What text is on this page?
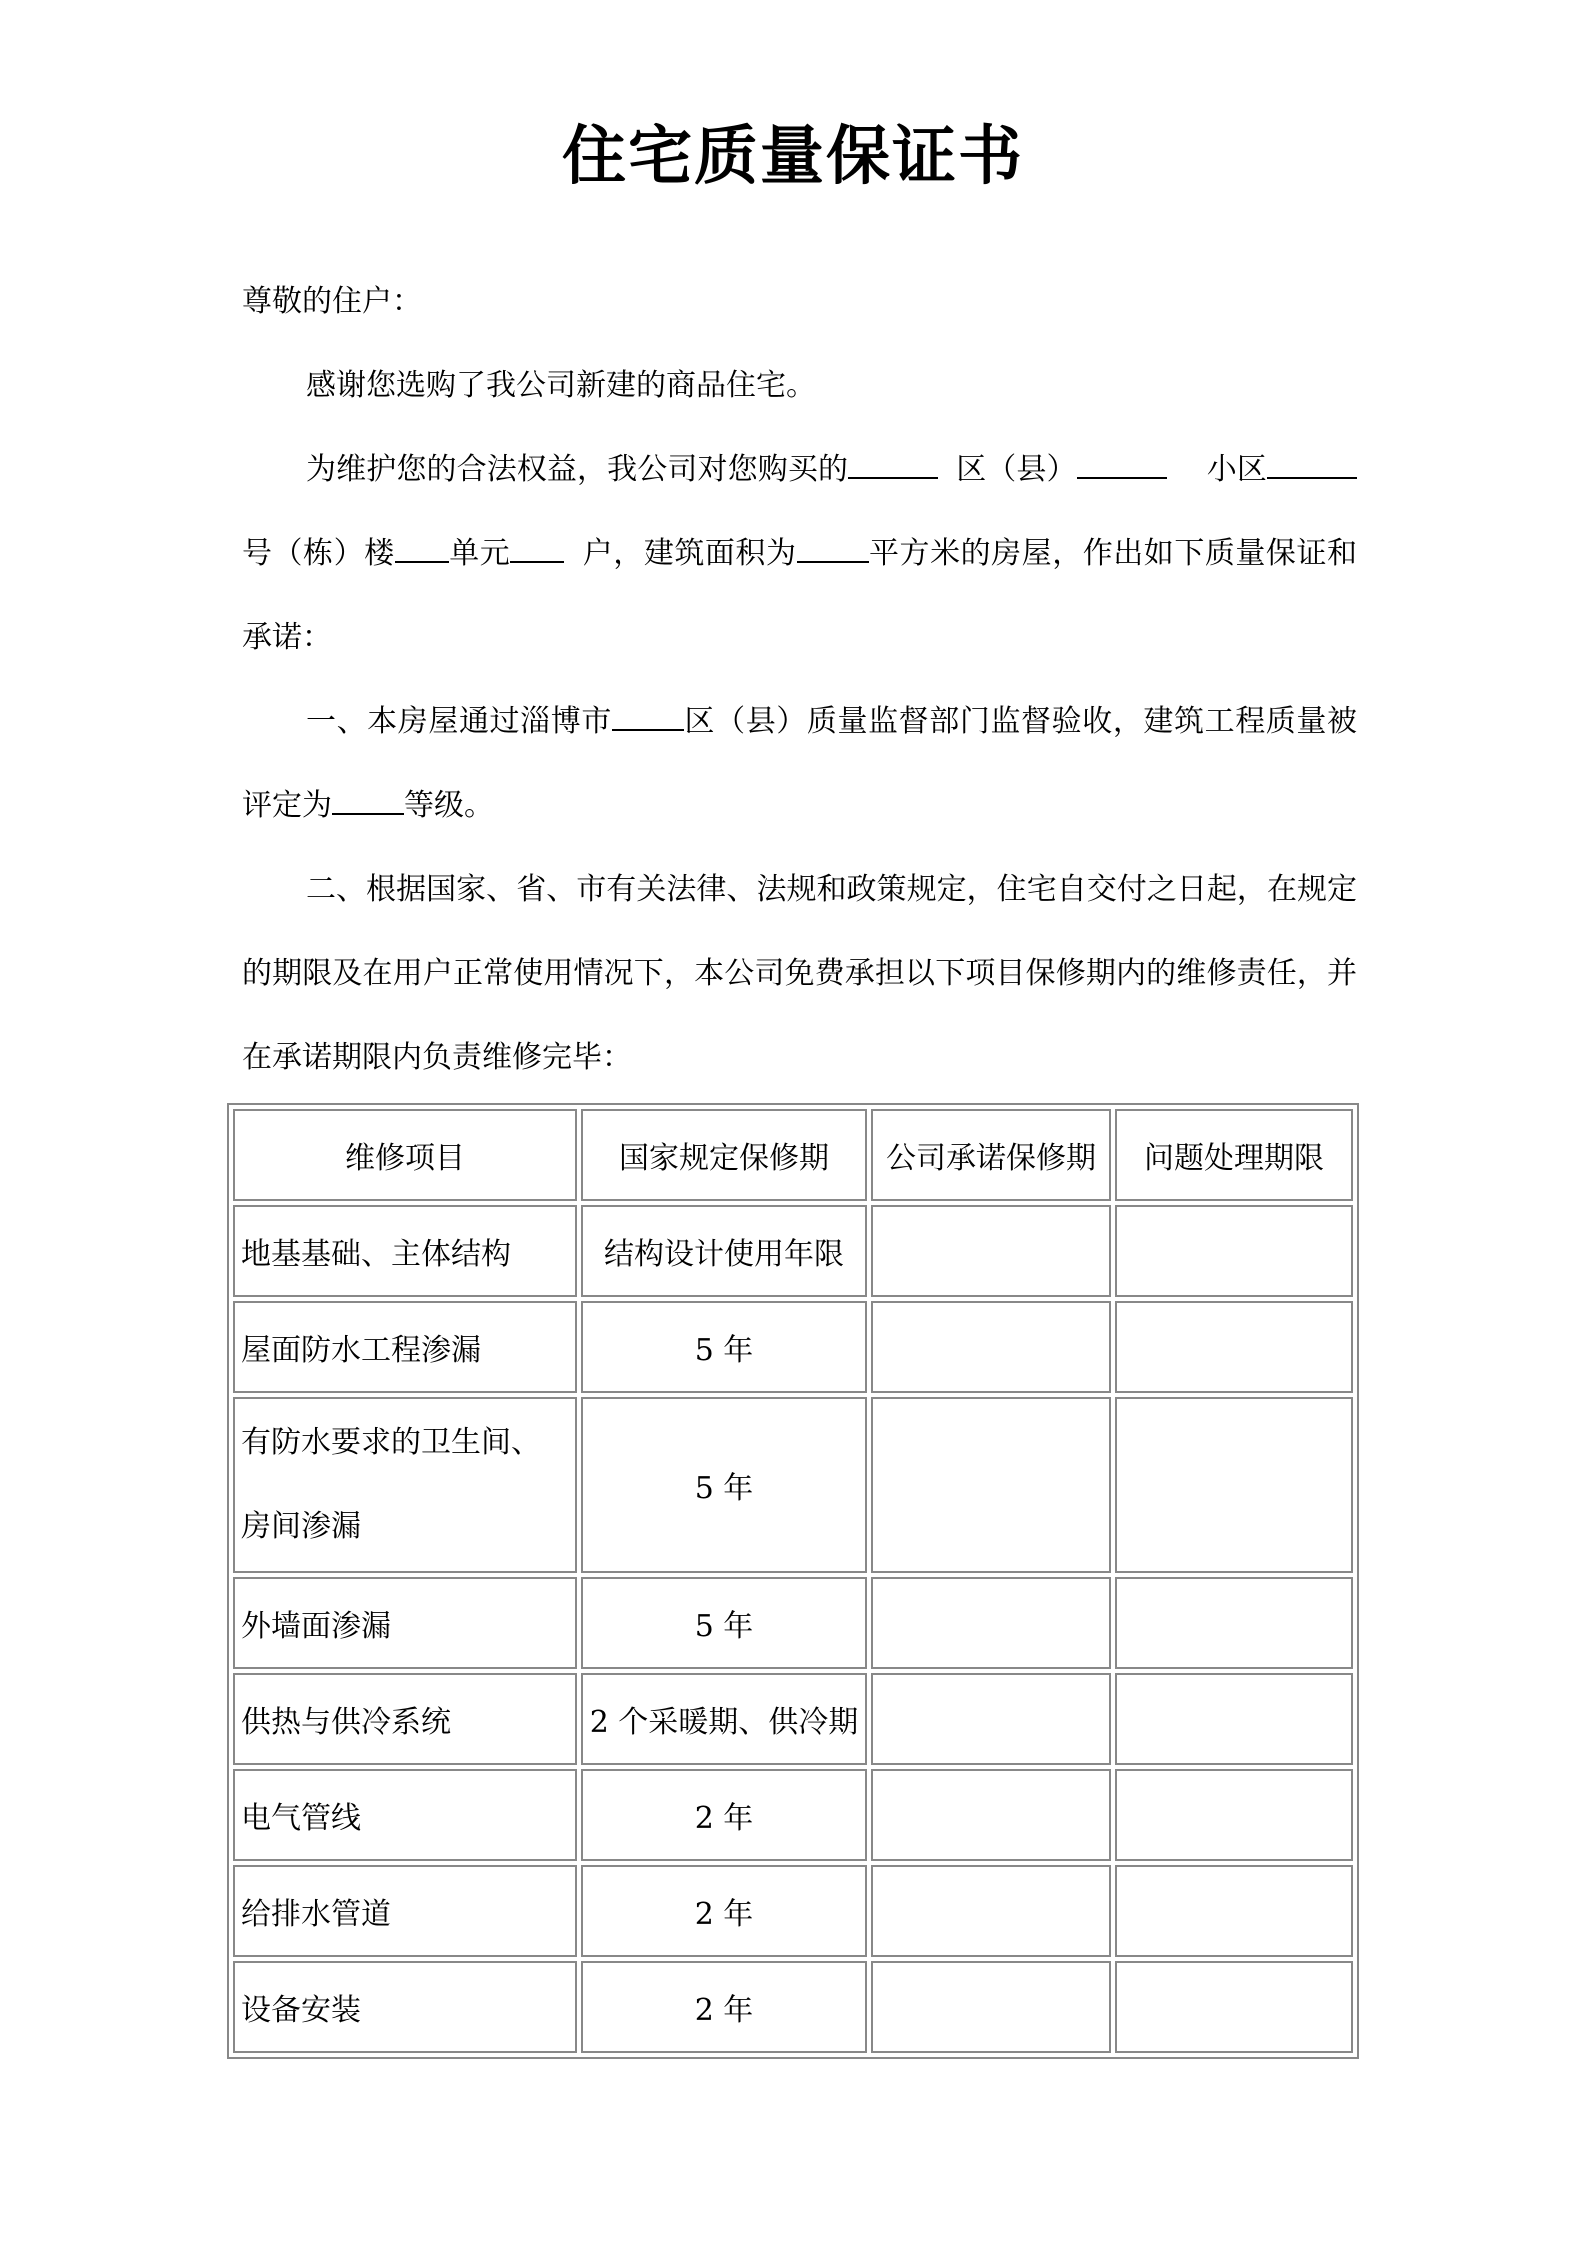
住宅质量保证书
尊敬的住户：
感谢您选购了我公司新建的商品住宅。
为维护您的合法权益，我公司对您购买的	区（县）	小区 号（栋）楼 单元 户，建筑面积为 平方米的房屋，作出如下质量保证和承诺：
一、本房屋通过淄博市 区（县）质量监督部门监督验收，建筑工程质量被评定为 等级。
二、根据国家、省、市有关法律、法规和政策规定，住宅自交付之日起，在规定的期限及在用户正常使用情况下，本公司免费承担以下项目保修期内的维修责任，并在承诺期限内负责维修完毕：
维修项目	国家规定保修期	公司承诺保修期	问题处理期限
地基基础、主体结构	结构设计使用年限		
屋面防水工程渗漏	5 年		
有防水要求的卫生间、房间渗漏	5 年		
外墙面渗漏	5 年		
供热与供冷系统	2 个采暖期、供冷期		
电气管线	2 年		
给排水管道	2 年		
设备安装	2 年		
